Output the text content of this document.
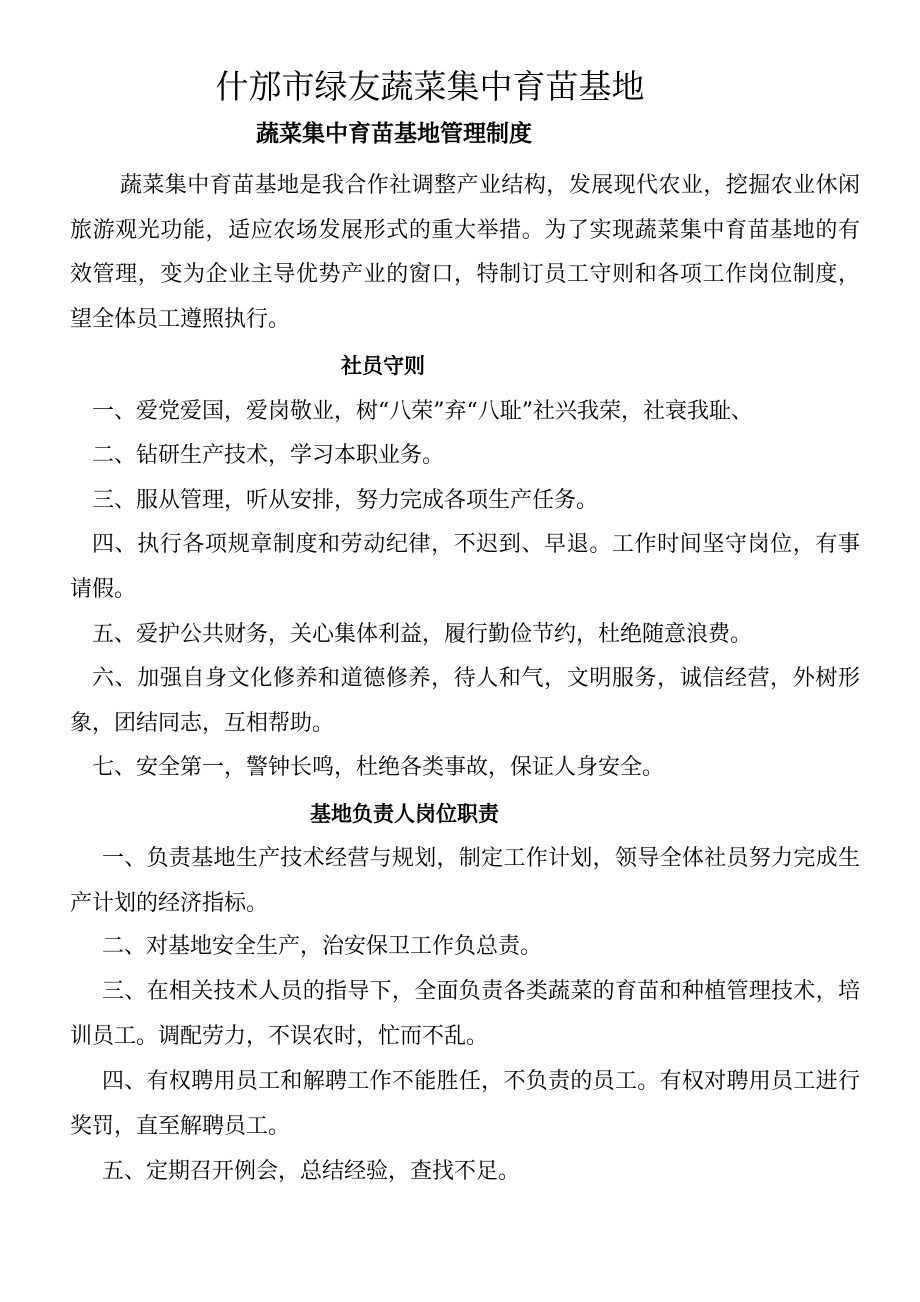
什邡市绿友蔬菜集中育苗基地
蔬菜集中育苗基地管理制度

蔬菜集中育苗基地是我合作社调整产业结构，发展现代农业，挖掘农业休闲旅游观光功能，适应农场发展形式的重大举措。为了实现蔬菜集中育苗基地的有效管理，变为企业主导优势产业的窗口，特制订员工守则和各项工作岗位制度，望全体员工遵照执行。

社员守则

一、爱党爱国，爱岗敬业，树“八荣”弃“八耻”社兴我荣，社衰我耻、

二、钻研生产技术，学习本职业务。

三、服从管理，听从安排，努力完成各项生产任务。

四、执行各项规章制度和劳动纪律，不迟到、早退。工作时间坚守岗位，有事请假。

五、爱护公共财务，关心集体利益，履行勤俭节约，杜绝随意浪费。

六、加强自身文化修养和道德修养，待人和气，文明服务，诚信经营，外树形象，团结同志，互相帮助。

七、安全第一，警钟长鸣，杜绝各类事故，保证人身安全。

基地负责人岗位职责

一、负责基地生产技术经营与规划，制定工作计划，领导全体社员努力完成生产计划的经济指标。

二、对基地安全生产，治安保卫工作负总责。

三、在相关技术人员的指导下，全面负责各类蔬菜的育苗和种植管理技术，培训员工。调配劳力，不误农时，忙而不乱。

四、有权聘用员工和解聘工作不能胜任，不负责的员工。有权对聘用员工进行奖罚，直至解聘员工。

五、定期召开例会，总结经验，查找不足。
